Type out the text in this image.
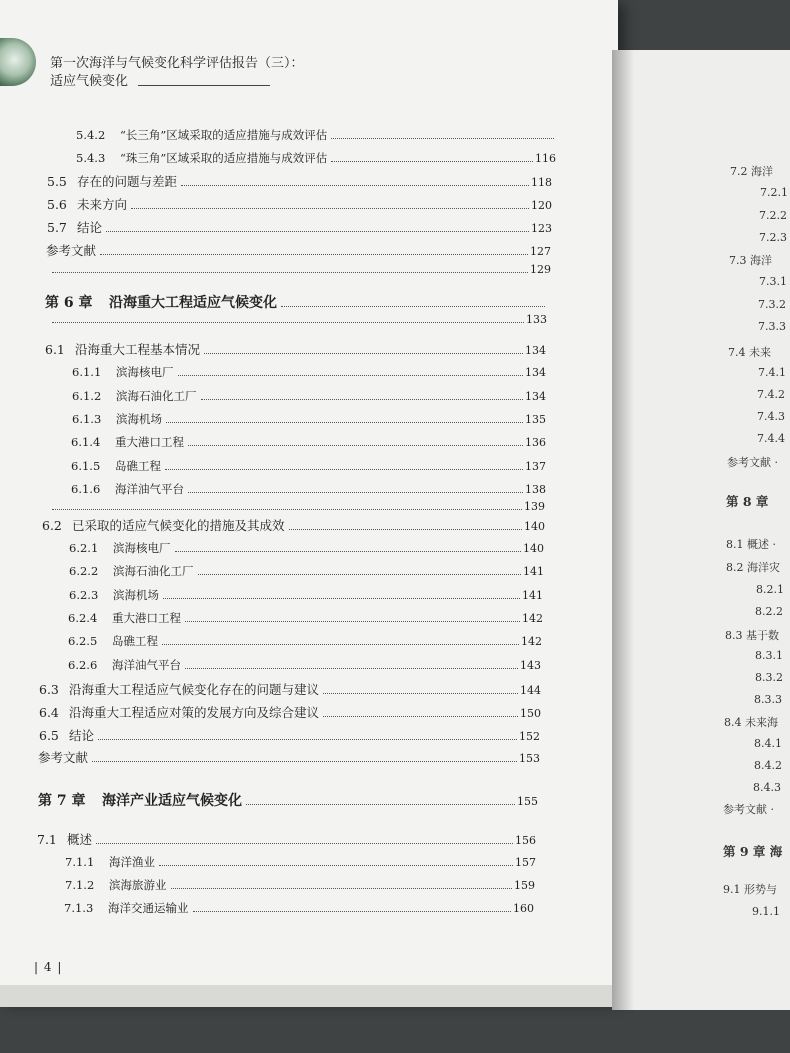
第一次海洋与气候变化科学评估报告（三）：
适应气候变化
5.4.2	“长三角”区域采取的适应措施与成效评估
5.4.3	“珠三角”区域采取的适应措施与成效评估	116
5.5 存在的问题与差距	118
5.6 未来方向	120
5.7 结论	123
参考文献	127
129
第 6 章	沿海重大工程适应气候变化
133
6.1 沿海重大工程基本情况	134
6.1.1	滨海核电厂	134
6.1.2	滨海石油化工厂	134
6.1.3	滨海机场	135
6.1.4	重大港口工程	136
6.1.5	岛礁工程	137
6.1.6	海洋油气平台	138
139
6.2 已采取的适应气候变化的措施及其成效	140
6.2.1	滨海核电厂	140
6.2.2	滨海石油化工厂	141
6.2.3	滨海机场	141
6.2.4	重大港口工程	142
6.2.5	岛礁工程	142
6.2.6	海洋油气平台	143
6.3 沿海重大工程适应气候变化存在的问题与建议	144
6.4 沿海重大工程适应对策的发展方向及综合建议	150
6.5 结论	152
参考文献	153
第 7 章	海洋产业适应气候变化	155
7.1 概述	156
7.1.1	海洋渔业	157
7.1.2	滨海旅游业	159
7.1.3	海洋交通运输业	160
| 4 |
7.2 海洋
7.2.1
7.2.2
7.2.3
7.3 海洋
7.3.1
7.3.2
7.3.3
7.4 未来
7.4.1
7.4.2
7.4.3
7.4.4
参考文献 ·
第 8 章
8.1 概述 ·
8.2 海洋灾
8.2.1
8.2.2
8.3 基于数
8.3.1
8.3.2
8.3.3
8.4 未来海
8.4.1
8.4.2
8.4.3
参考文献 ·
第 9 章 海
9.1 形势与
9.1.1
